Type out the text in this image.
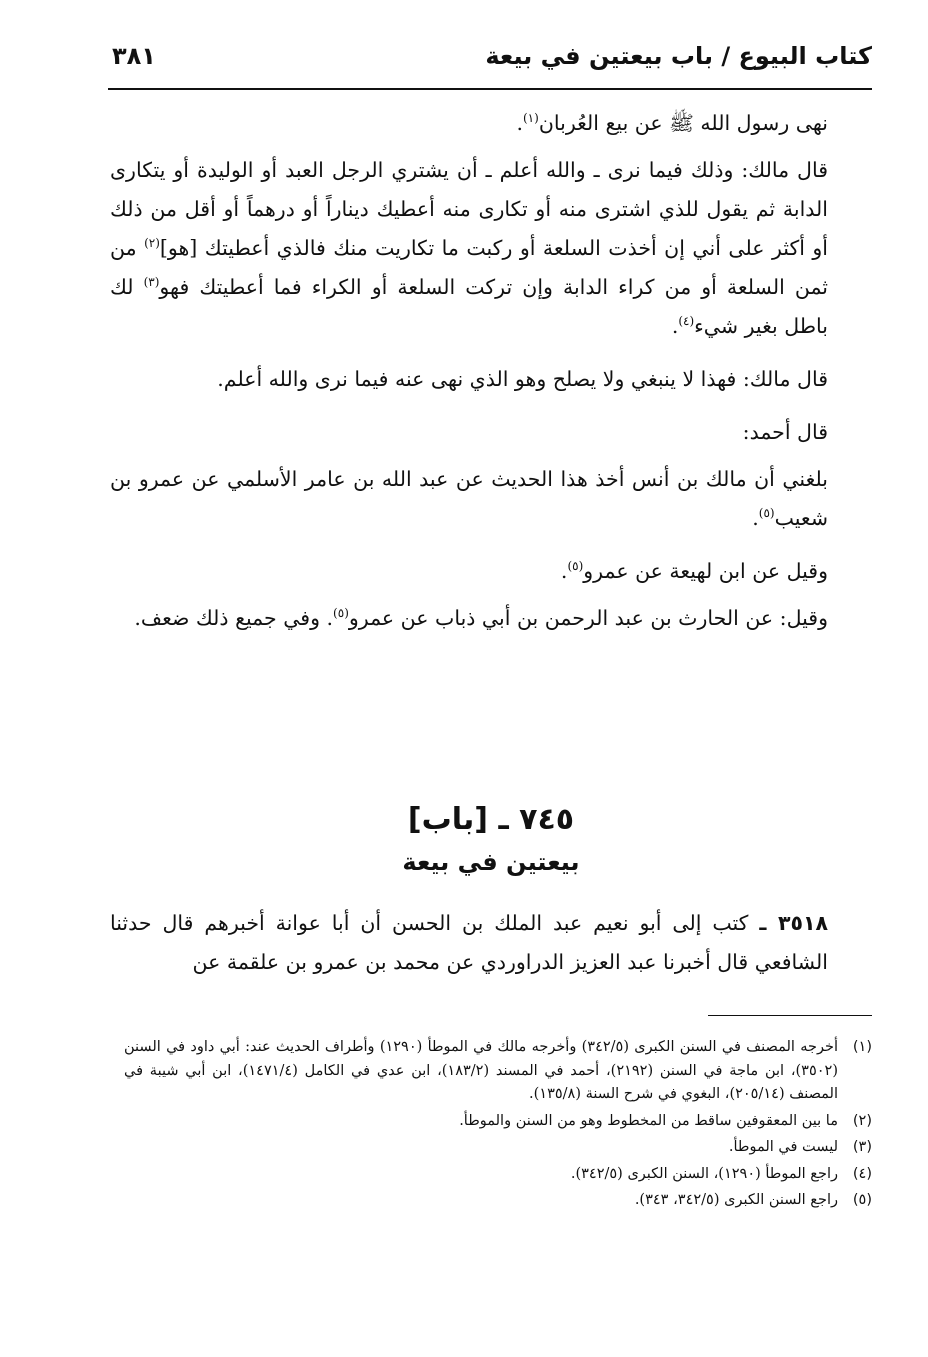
كتاب البيوع / باب بيعتين في بيعة
٣٨١

نهى رسول الله ﷺ عن بيع العُربان$^{(١)}$.

قال مالك: وذلك فيما نرى ـ والله أعلم ـ أن يشتري الرجل العبد أو الوليدة أو يتكارى الدابة ثم يقول للذي اشترى منه أو تكارى منه أعطيك ديناراً أو درهماً أو أقل من ذلك أو أكثر على أني إن أخذت السلعة أو ركبت ما تكاريت منك فالذي أعطيتك [هو]$^{(٢)}$ من ثمن السلعة أو من كراء الدابة وإن تركت السلعة أو الكراء فما أعطيتك فهو$^{(٣)}$ لك باطل بغير شيء$^{(٤)}$.

قال مالك: فهذا لا ينبغي ولا يصلح وهو الذي نهى عنه فيما نرى والله أعلم.

قال أحمد:

بلغني أن مالك بن أنس أخذ هذا الحديث عن عبد الله بن عامر الأسلمي عن عمرو بن شعيب$^{(٥)}$.

وقيل عن ابن لهيعة عن عمرو$^{(٥)}$.

وقيل: عن الحارث بن عبد الرحمن بن أبي ذباب عن عمرو$^{(٥)}$. وفي جميع ذلك ضعف.

٧٤٥ ـ [باب]
بيعتين في بيعة

٣٥١٨ ـ كتب إلى أبو نعيم عبد الملك بن الحسن أن أبا عوانة أخبرهم قال حدثنا الشافعي قال أخبرنا عبد العزيز الدراوردي عن محمد بن عمرو بن علقمة عن

(١)
أخرجه المصنف في السنن الكبرى (٣٤٢/٥) وأخرجه مالك في الموطأ (١٢٩٠) وأطراف الحديث عند: أبي داود في السنن (٣٥٠٢)، ابن ماجة في السنن (٢١٩٢)، أحمد في المسند (١٨٣/٢)، ابن عدي في الكامل (١٤٧١/٤)، ابن أبي شيبة في المصنف (٢٠٥/١٤)، البغوي في شرح السنة (١٣٥/٨).
(٢)
ما بين المعقوفين ساقط من المخطوط وهو من السنن والموطأ.
(٣)
ليست في الموطأ.
(٤)
راجع الموطأ (١٢٩٠)، السنن الكبرى (٣٤٢/٥).
(٥)
راجع السنن الكبرى (٣٤٢/٥، ٣٤٣).
